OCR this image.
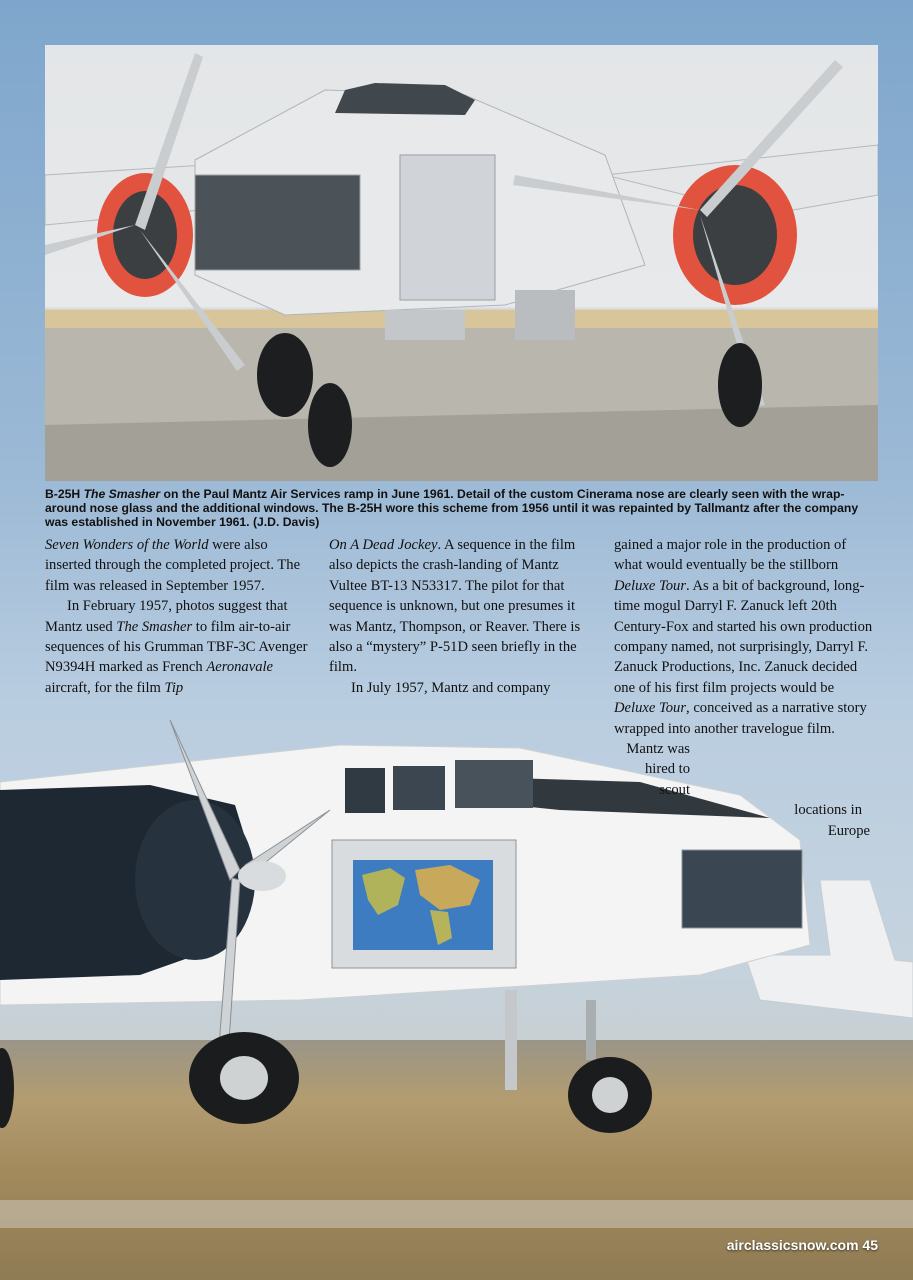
B-25H The Smasher on the Paul Mantz Air Services ramp in June 1961. Detail of the custom Cinerama nose are clearly seen with the wrap-around nose glass and the additional windows. The B-25H wore this scheme from 1956 until it was repainted by Tallmantz after the company was established in November 1961. (J.D. Davis)

Seven Wonders of the World were also inserted through the completed project. The film was released in September 1957.

In February 1957, photos suggest that Mantz used The Smasher to film air-to-air sequences of his Grumman TBF-3C Avenger N9394H marked as French Aeronavale aircraft, for the film Tip

On A Dead Jockey. A sequence in the film also depicts the crash-landing of Mantz Vultee BT-13 N53317. The pilot for that sequence is unknown, but one presumes it was Mantz, Thompson, or Reaver. There is also a “mystery” P-51D seen briefly in the film.

In July 1957, Mantz and company

gained a major role in the production of what would eventually be the stillborn Deluxe Tour. As a bit of background, long-time mogul Darryl F. Zanuck left 20th Century-Fox and started his own production company named, not surprisingly, Darryl F. Zanuck Productions, Inc. Zanuck decided one of his first film projects would be Deluxe Tour, conceived as a narrative story wrapped into another travelogue film.

Mantz was hired to scout

locations in

Europe

airclassicsnow.com 45
